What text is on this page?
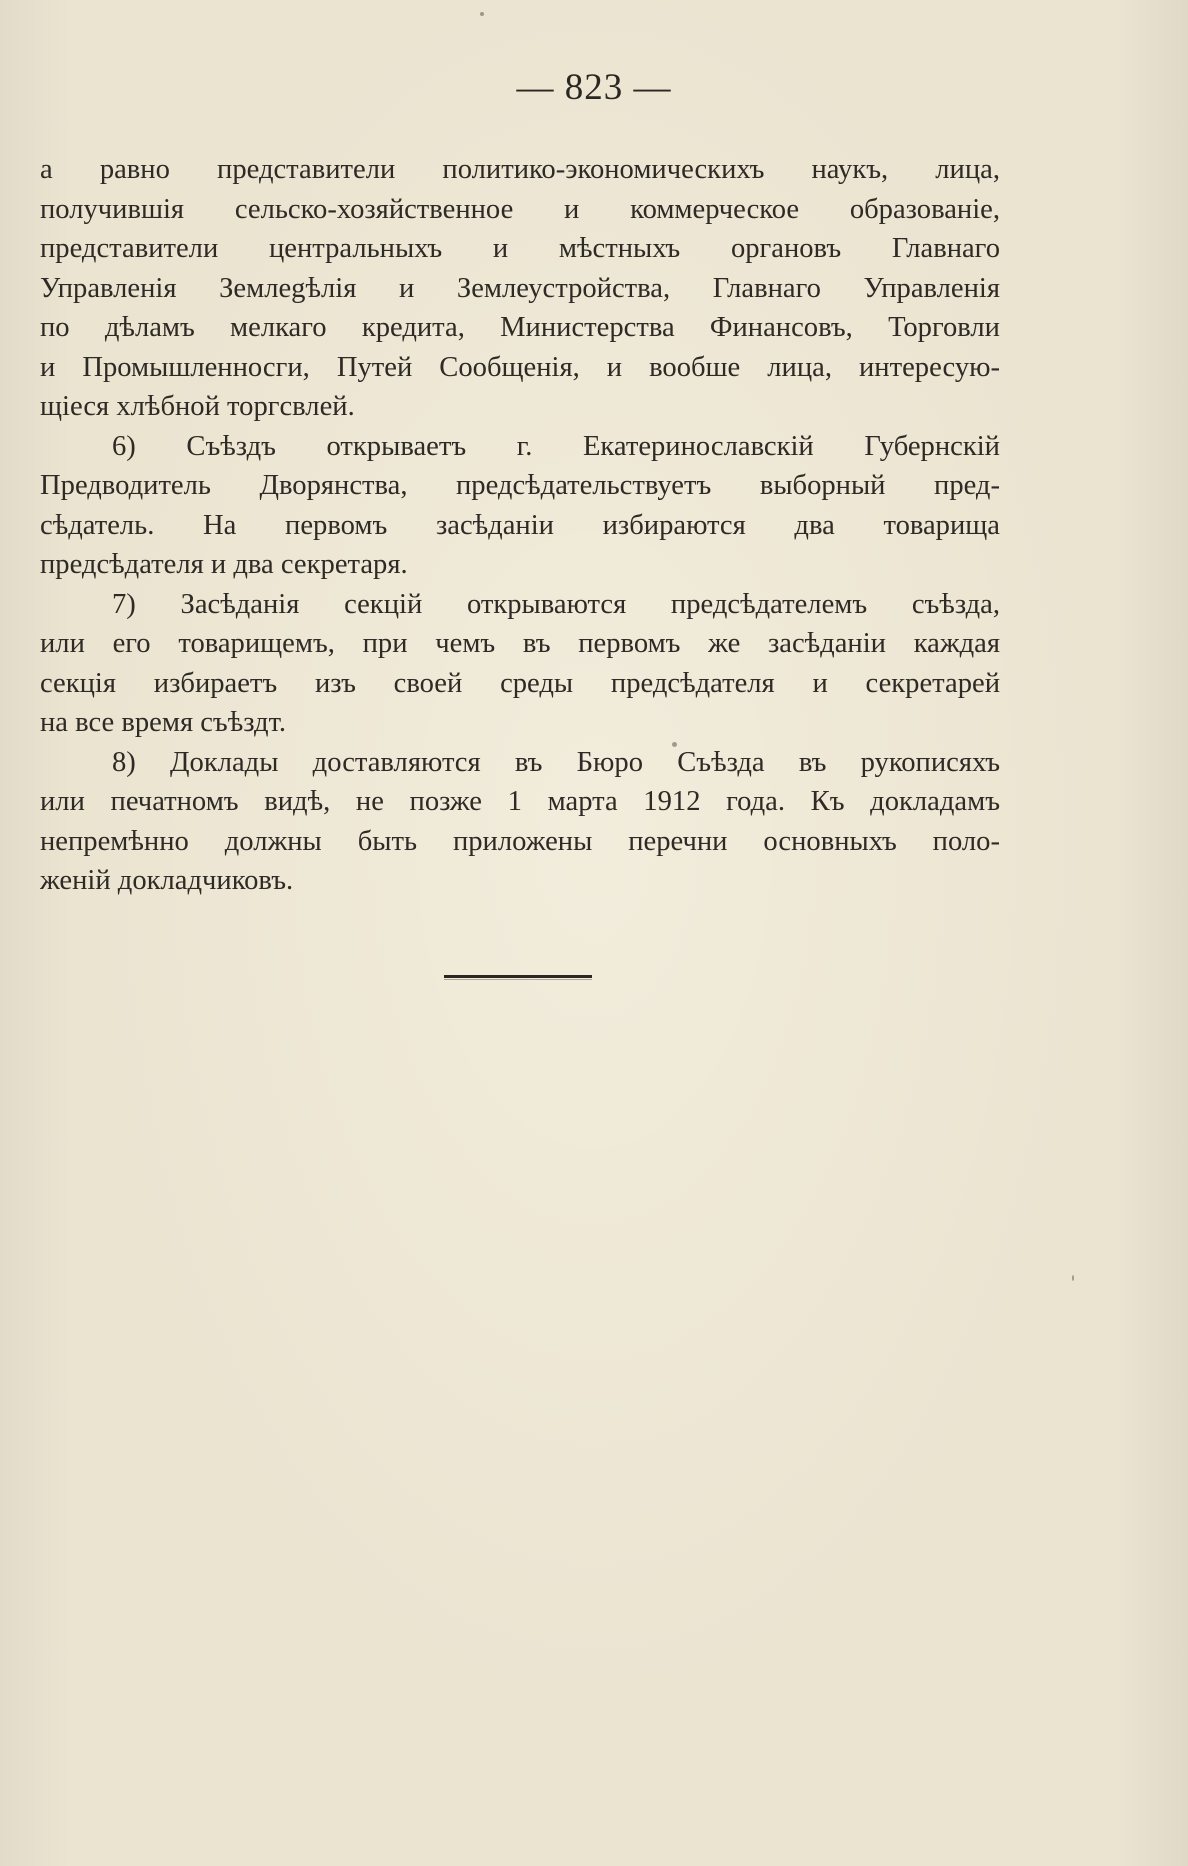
— 823 —
а равно представители политико-экономическихъ наукъ, лица,
получившія сельско-хозяйственное и коммерческое образованіе,
представители центральныхъ и мѣстныхъ органовъ Главнаго
Управленія Землеgѣлія и Землеустройства, Главнаго Управленія
по дѣламъ мелкаго кредита, Министерства Финансовъ, Торговли
и Промышленносги, Путей Сообщенія, и вообше лица, интересую-
щіеся хлѣбной торгсвлей.
6) Съѣздъ открываетъ г. Екатеринославскій Губернскій
Предводитель Дворянства, предсѣдательствуетъ выборный пред-
сѣдатель. На первомъ засѣданіи избираются два товарища
предсѣдателя и два секретаря.
7) Засѣданія секцій открываются предсѣдателемъ съѣзда,
или его товарищемъ, при чемъ въ первомъ же засѣданіи каждая
секція избираетъ изъ своей среды предсѣдателя и секретарей
на все время съѣздт.
8) Доклады доставляются въ Бюро Съѣзда въ рукописяхъ
или печатномъ видѣ, не позже 1 марта 1912 года. Къ докладамъ
непремѣнно должны быть приложены перечни основныхъ поло-
женій докладчиковъ.
